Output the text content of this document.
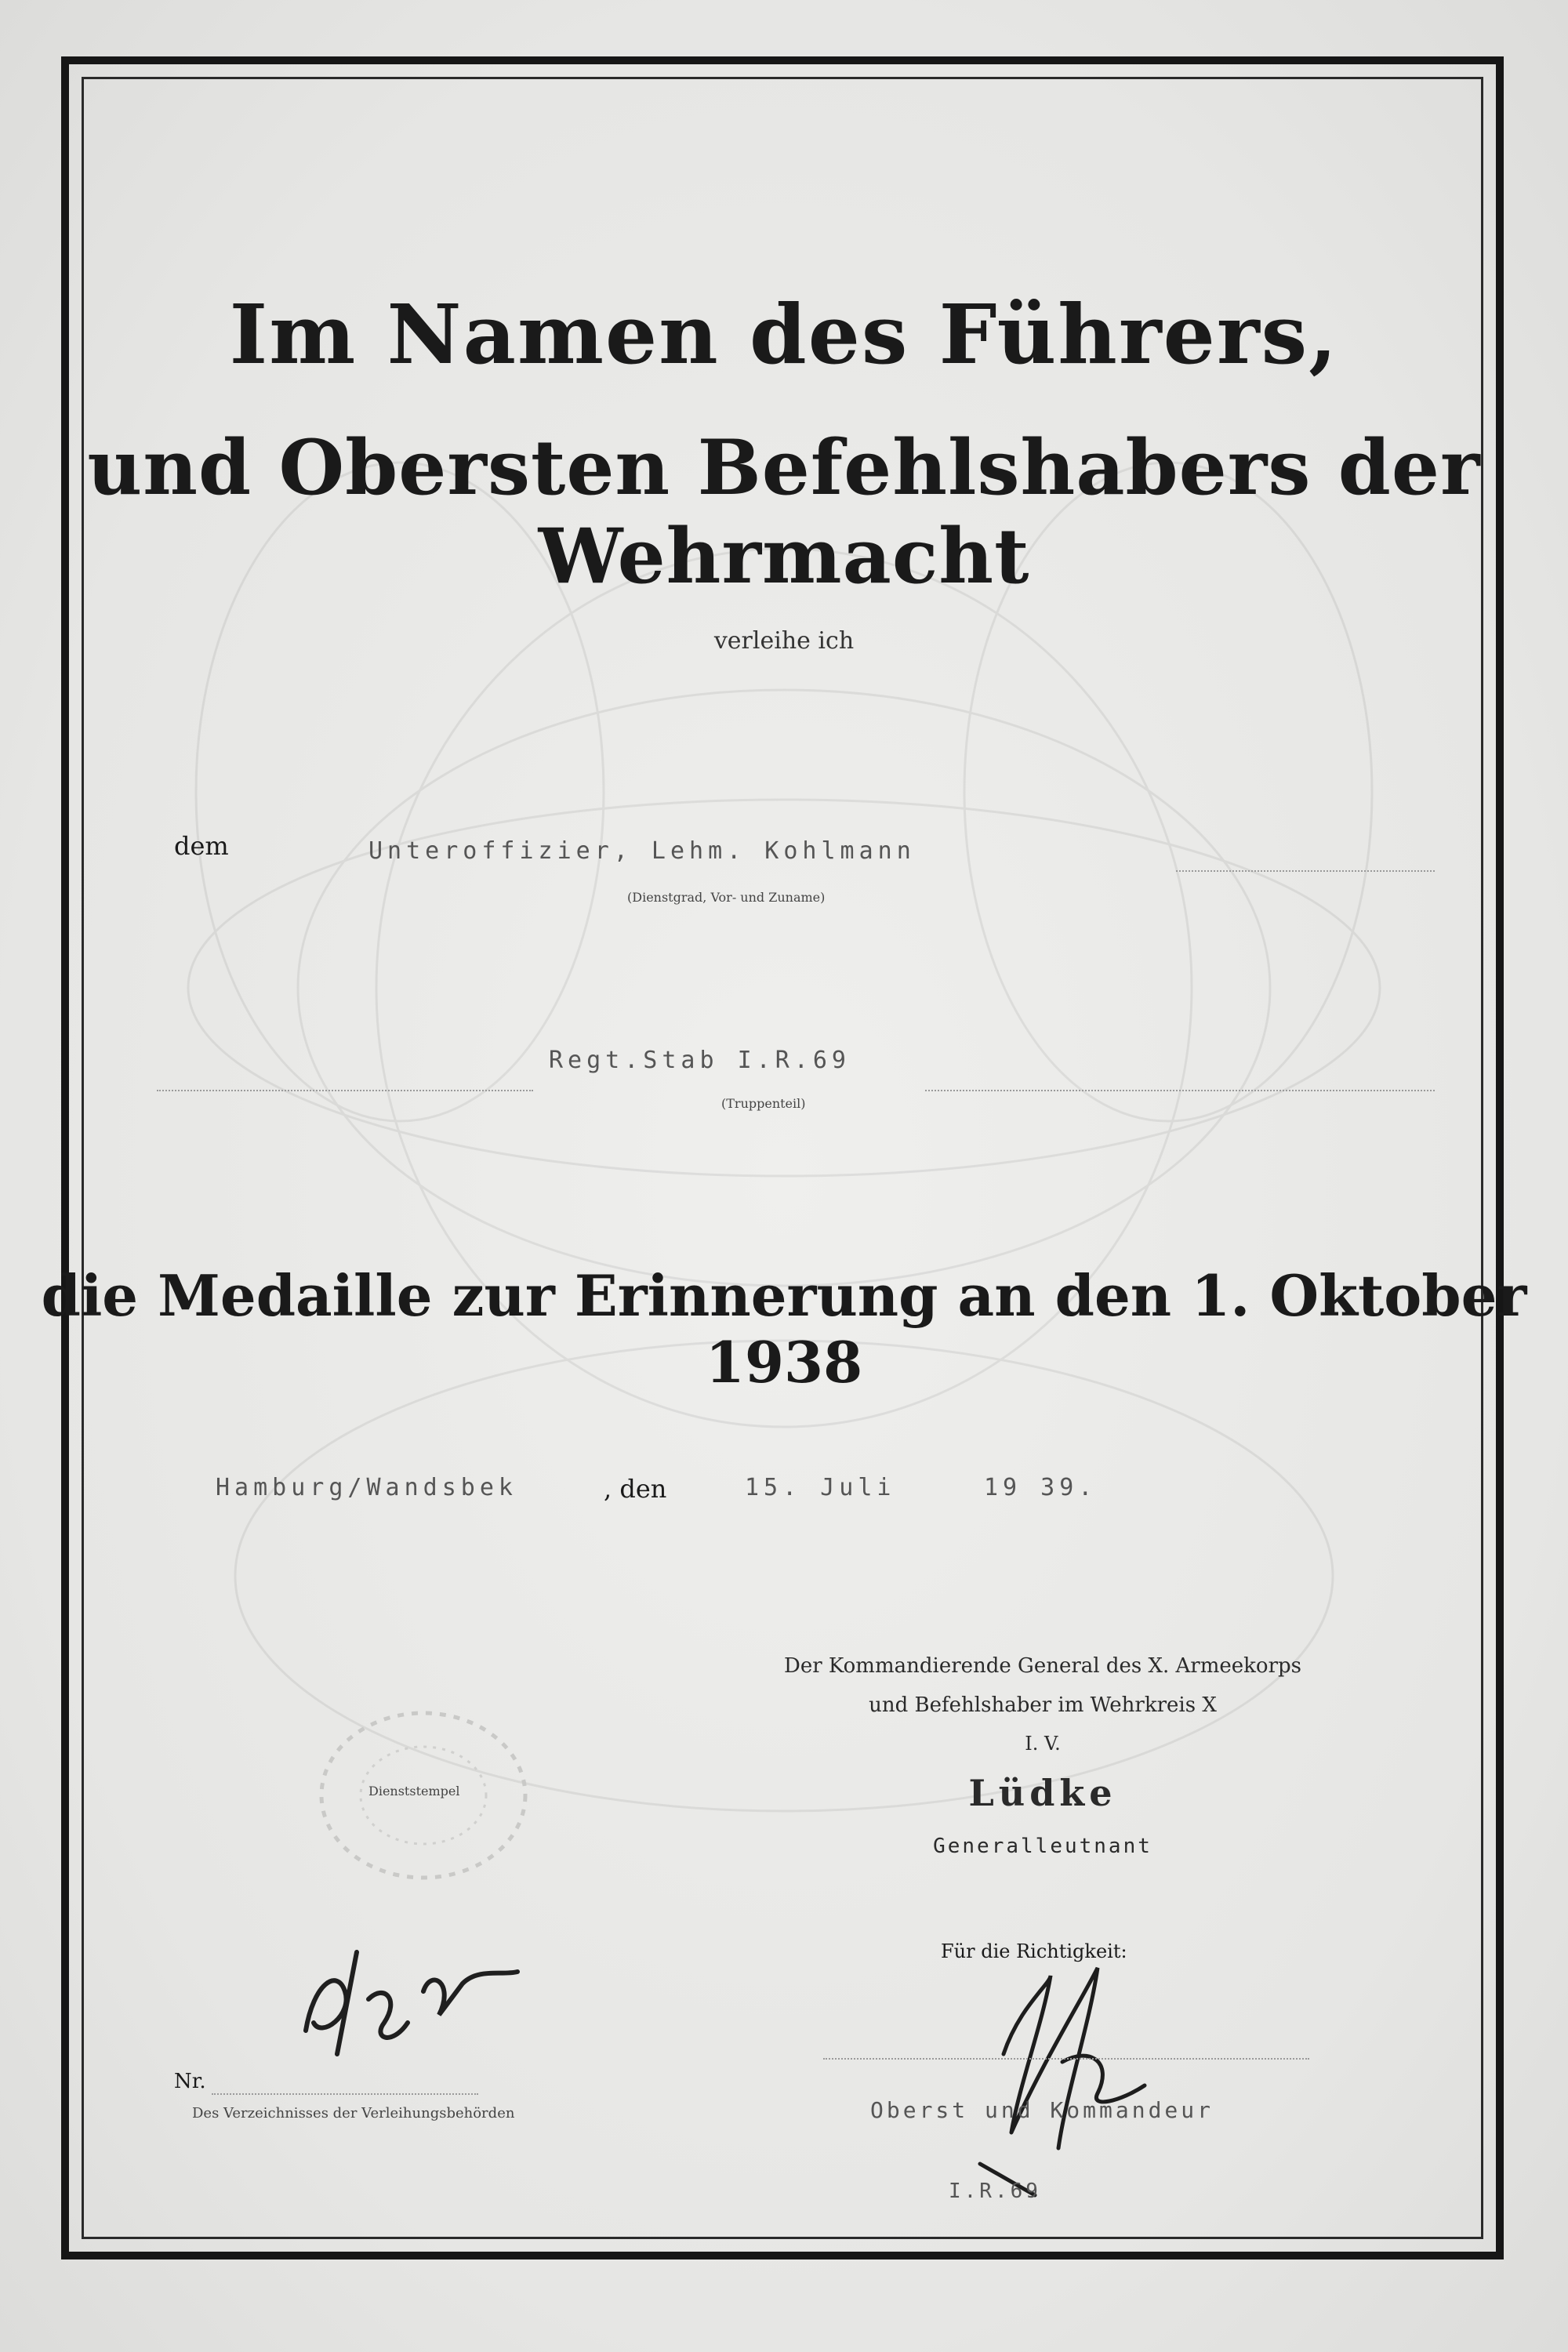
Im Namen des Führers,
und Obersten Befehlshabers der Wehrmacht
verleihe ich
dem	Unteroffizier, Lehm. Kohlmann
(Dienstgrad, Vor- und Zuname)
Regt.Stab I.R.69
(Truppenteil)
die Medaille zur Erinnerung an den 1. Oktober 1938
Hamburg/Wandsbek	, den	15. Juli	19 39.
Dienststempel
Der Kommandierende General des X. Armeekorps
und Befehlshaber im Wehrkreis X
I. V.
Lüdke
Generalleutnant
Nr.
Des Verzeichnisses der Verleihungsbehörden
Für die Richtigkeit:
Oberst und Kommandeur
I.R.69
